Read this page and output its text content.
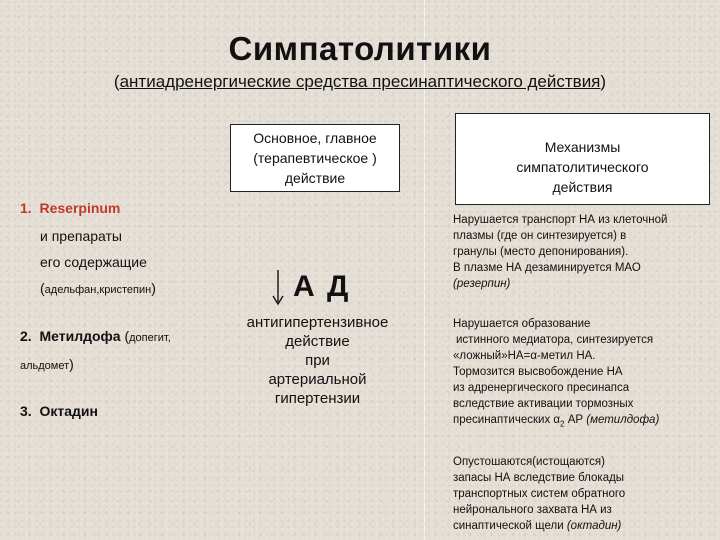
Симпатолитики
(антиадренергические средства пресинаптического действия)
Основное, главное
(терапевтическое )
действие
Механизмы
симпатолитического
действия
1. Reserpinum
и препараты
его содержащие
(адельфан,кристепин)
2. Метилдофа (допегит,
альдомет)
3. Октадин
А Д
антигипертензивное
действие
при
артериальной
гипертензии
Нарушается транспорт НА из клеточной
плазмы (где он синтезируется) в
гранулы (место депонирования).
В плазме НА дезаминируется МАО
(резерпин)
Нарушается образование
истинного медиатора, синтезируется
«ложный»НА=α-метил НА.
Тормозится высвобождение НА
из адренергического пресинапса
вследствие активации тормозных
пресинаптических $\alpha_2$ АР (метилдофа)
Опустошаются(истощаются)
запасы НА вследствие блокады
транспортных систем обратного
нейронального захвата НА из
синаптической щели (октадин)
